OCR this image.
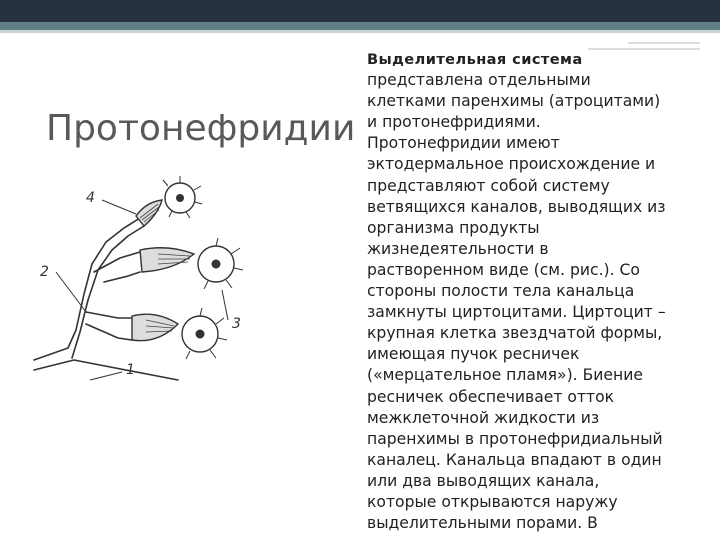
Протонефридии
4
2
3
1

Выделительная система
представлена отдельными
клетками паренхимы (атроцитами)
и протонефридиями.
Протонефридии имеют
эктодермальное происхождение и
представляют собой систему
ветвящихся каналов, выводящих из
организма продукты
жизнедеятельности в
растворенном виде (см. рис.). Со
стороны полости тела канальца
замкнуты циртоцитами. Циртоцит –
крупная клетка звездчатой формы,
имеющая пучок ресничек
(«мерцательное пламя»). Биение
ресничек обеспечивает отток
межклеточной жидкости из
паренхимы в протонефридиальный
каналец. Канальца впадают в один
или два выводящих канала,
которые открываются наружу
выделительными порами. В
